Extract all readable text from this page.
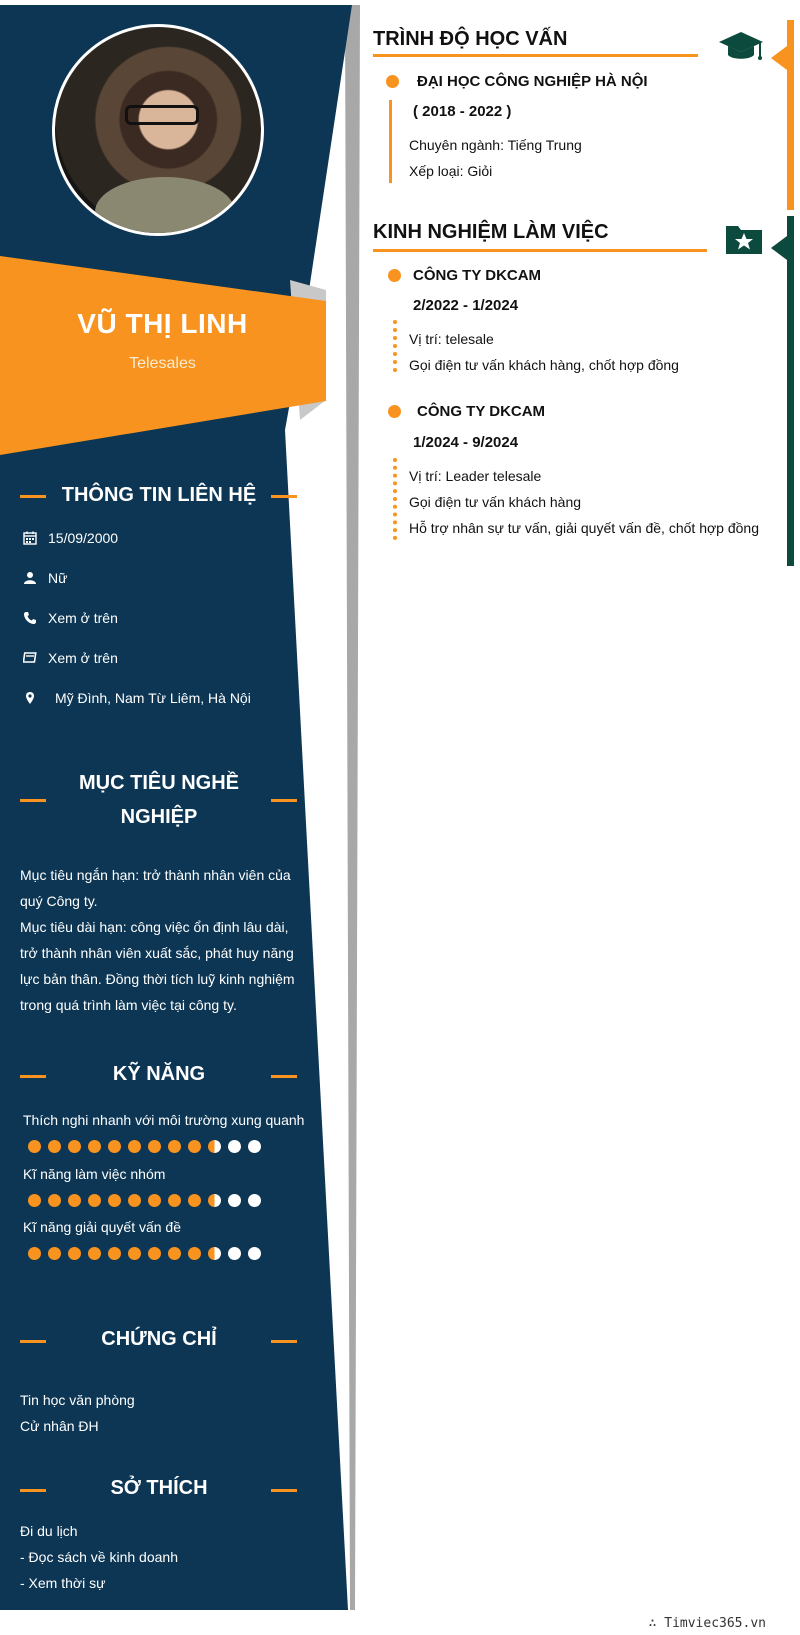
VŨ THỊ LINH
Telesales
THÔNG TIN LIÊN HỆ
15/09/2000
Nữ
Xem ở trên
Xem ở trên
Mỹ Đình, Nam Từ Liêm, Hà Nội
MỤC TIÊU NGHỀ
NGHIỆP
Mục tiêu ngắn hạn: trở thành nhân viên của
quý Công ty.
Mục tiêu dài hạn: công việc ổn định lâu dài,
trở thành nhân viên xuất sắc, phát huy năng
lực bản thân. Đồng thời tích luỹ kinh nghiệm
trong quá trình làm việc tại công ty.
KỸ NĂNG
Thích nghi nhanh với môi trường xung quanh
Kĩ năng làm việc nhóm
Kĩ năng giải quyết vấn đề
CHỨNG CHỈ
Tin học văn phòng
Cử nhân ĐH
SỞ THÍCH
Đi du lịch
- Đọc sách về kinh doanh
- Xem thời sự
TRÌNH ĐỘ HỌC VẤN
ĐẠI HỌC CÔNG NGHIỆP HÀ NỘI
( 2018 - 2022 )
Chuyên ngành: Tiếng Trung
Xếp loại: Giỏi
KINH NGHIỆM LÀM VIỆC
CÔNG TY DKCAM
2/2022 - 1/2024
Vị trí: telesale
Gọi điện tư vấn khách hàng, chốt hợp đồng
CÔNG TY DKCAM
1/2024 - 9/2024
Vị trí: Leader telesale
Gọi điện tư vấn khách hàng
Hỗ trợ nhân sự tư vấn, giải quyết vấn đề, chốt hợp đồng
∴ Timviec365.vn
